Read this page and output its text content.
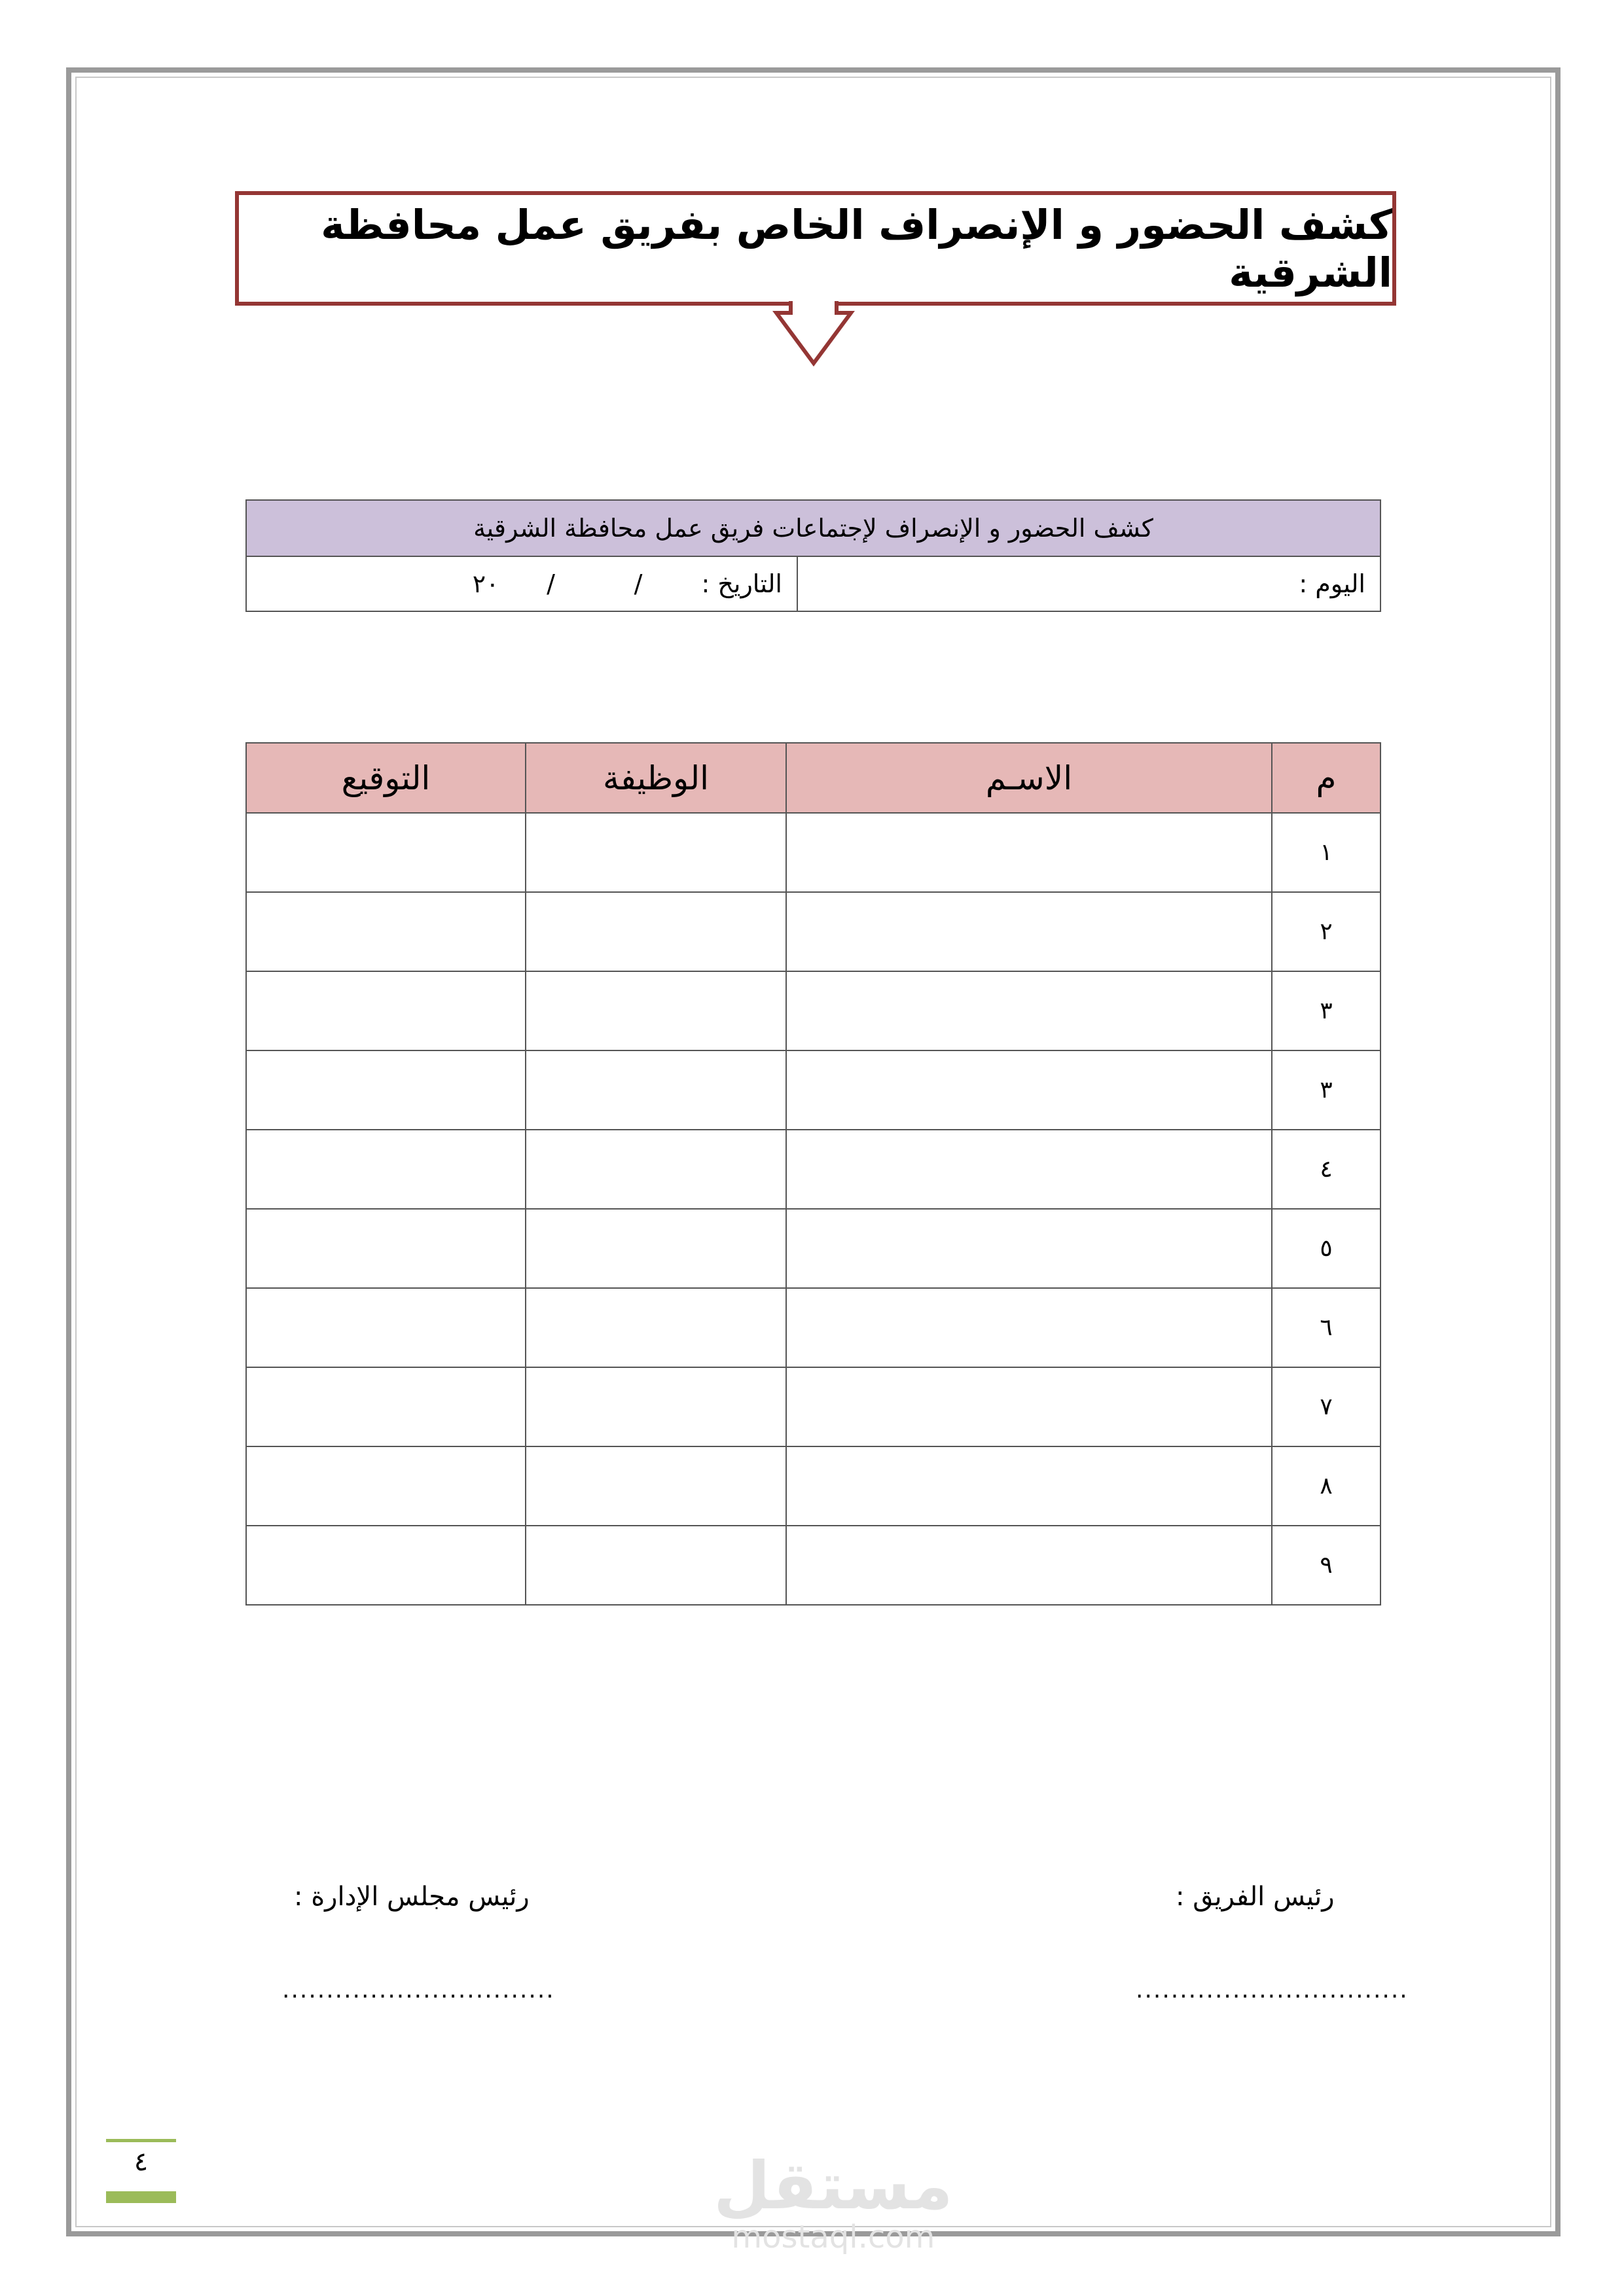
كشف الحضور و الإنصراف الخاص بفريق عمل محافظة الشرقية
كشف الحضور و الإنصراف لإجتماعات فريق عمل محافظة الشرقية
اليوم :	التاريخ :/          /      ٢٠
م	الاسـم	الوظيفة	التوقيع
١			
٢			
٣			
٣			
٤			
٥			
٦			
٧			
٨			
٩			
رئيس الفريق :
رئيس مجلس الإدارة :
...............................
...............................
٤	مستقل
mostaql.com
